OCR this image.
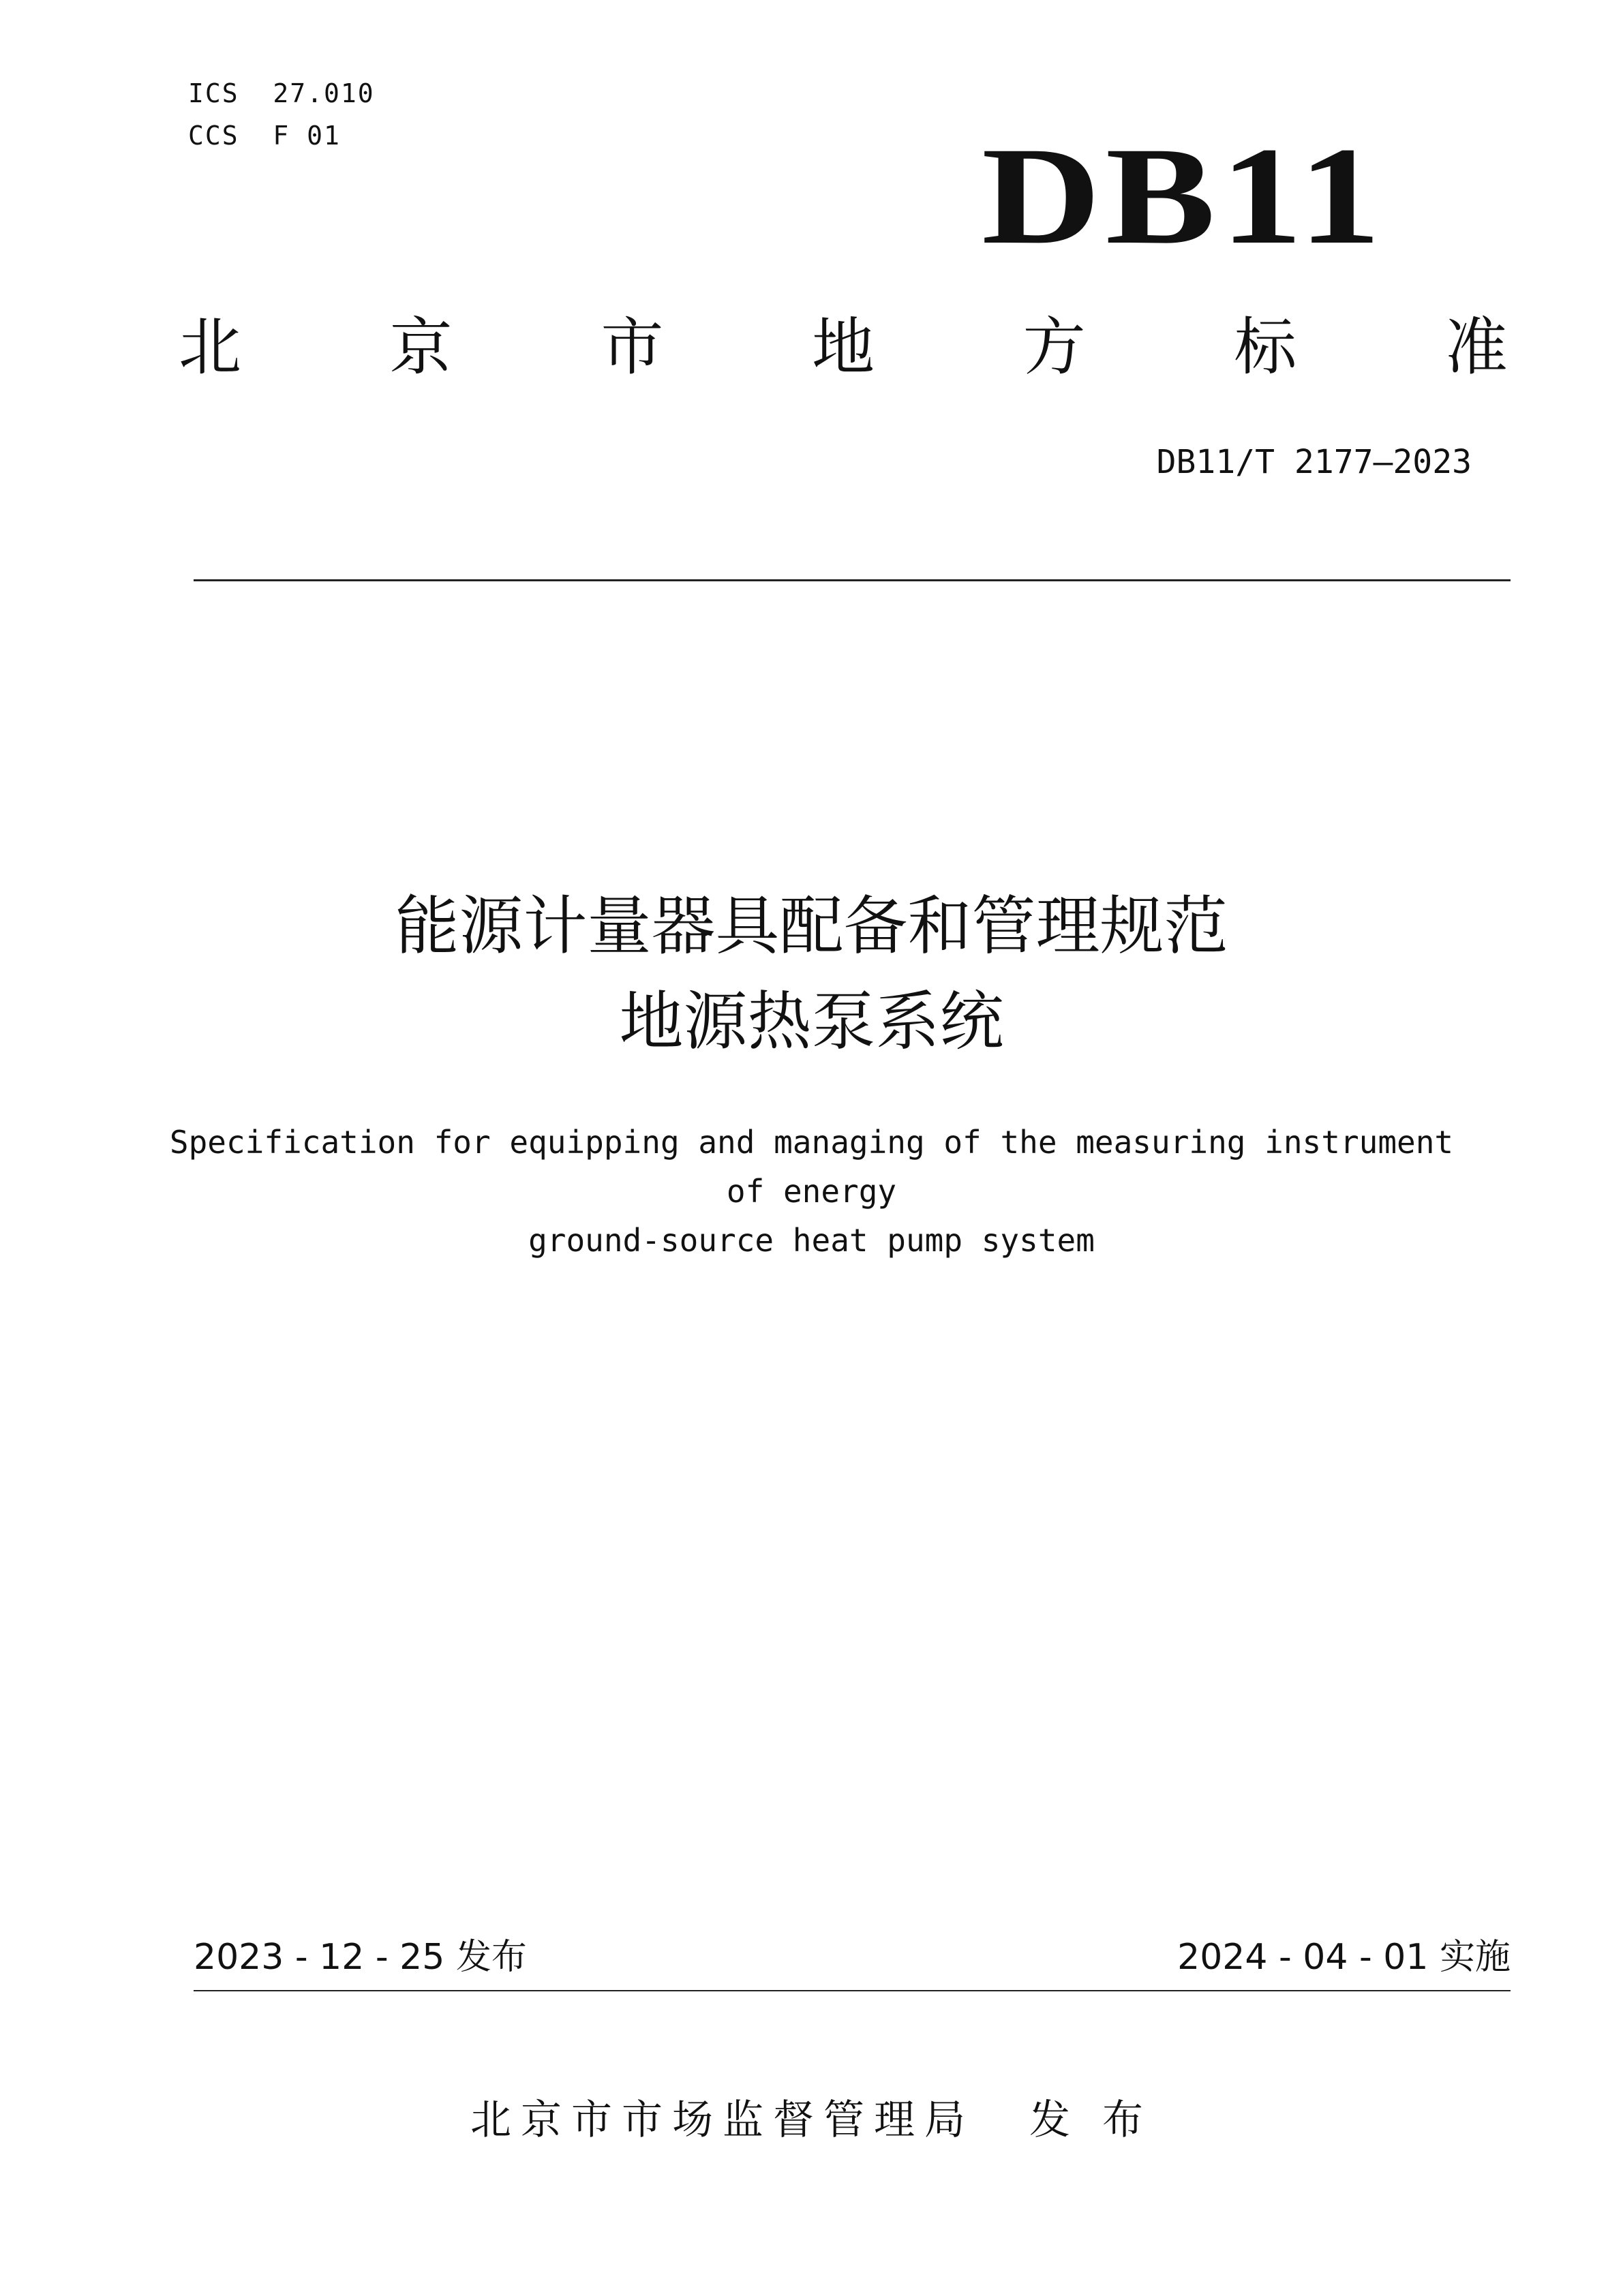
ICS  27.010
CCS  F 01	DB11
北 京 市 地 方 标 准
DB11/T 2177—2023
能源计量器具配备和管理规范
地源热泵系统
Specification for equipping and managing of the measuring instrument
of energy
ground-source heat pump system
2023 - 12 - 25 发布	2024 - 04 - 01 实施
北京市市场监督管理局 发 布
